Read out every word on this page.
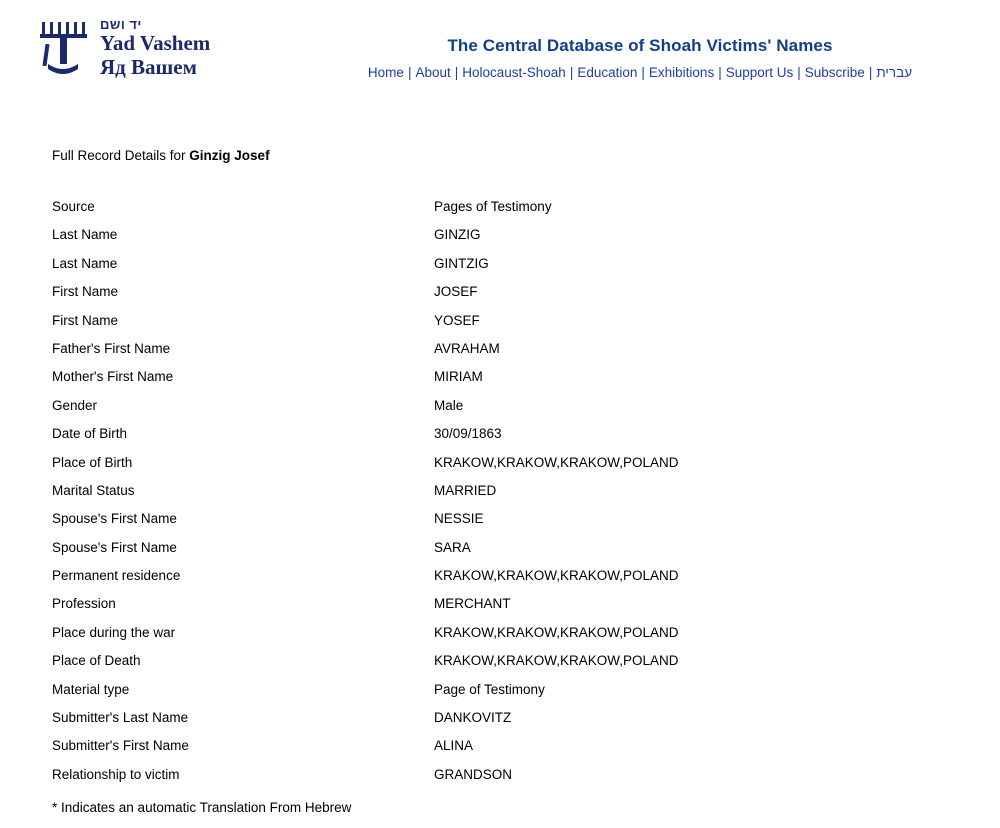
יד ושם
Yad Vashem
Яд Вашем
The Central Database of Shoah Victims' Names
Home | About | Holocaust-Shoah | Education | Exhibitions | Support Us | Subscribe | עברית
Full Record Details for Ginzig Josef
Source	Pages of Testimony
Last Name	GINZIG
Last Name	GINTZIG
First Name	JOSEF
First Name	YOSEF
Father's First Name	AVRAHAM
Mother's First Name	MIRIAM
Gender	Male
Date of Birth	30/09/1863
Place of Birth	KRAKOW,KRAKOW,KRAKOW,POLAND
Marital Status	MARRIED
Spouse's First Name	NESSIE
Spouse's First Name	SARA
Permanent residence	KRAKOW,KRAKOW,KRAKOW,POLAND
Profession	MERCHANT
Place during the war	KRAKOW,KRAKOW,KRAKOW,POLAND
Place of Death	KRAKOW,KRAKOW,KRAKOW,POLAND
Material type	Page of Testimony
Submitter's Last Name	DANKOVITZ
Submitter's First Name	ALINA
Relationship to victim	GRANDSON
* Indicates an automatic Translation From Hebrew
